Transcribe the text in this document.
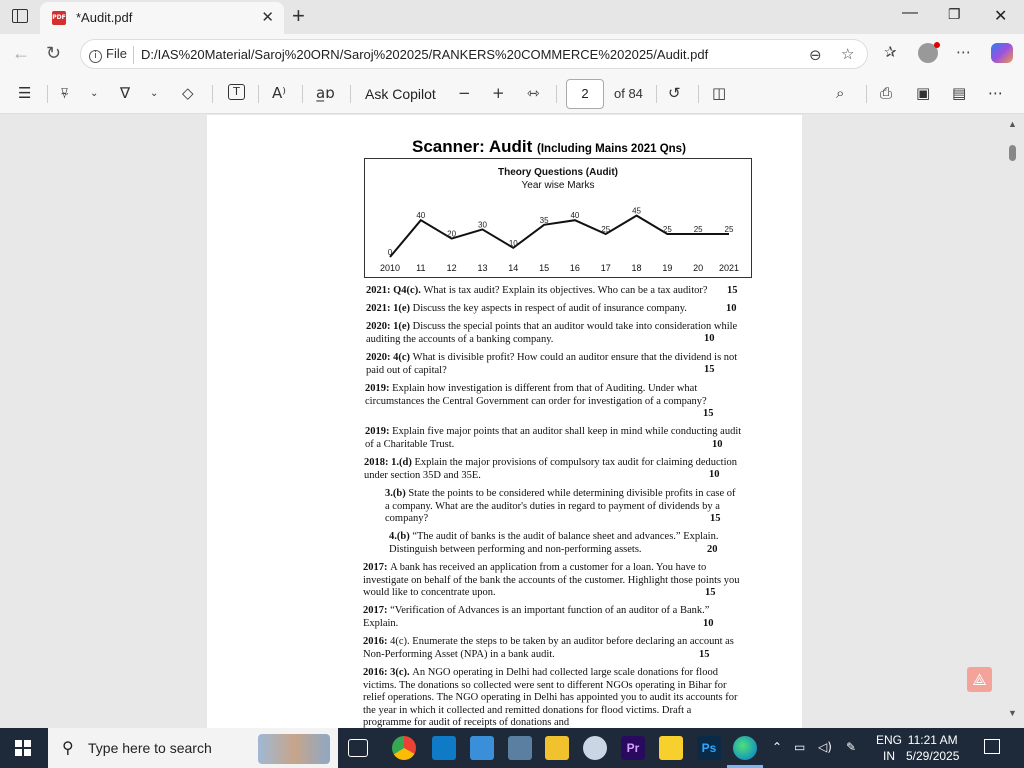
PDF *Audit.pdf	✕ +	— ❐ ✕
← ↻	i File D:/IAS%20Material/Saroj%20ORN/Saroj%202025/RANKERS%20COMMERCE%202025/Audit.pdf	⊖ ☆ ✰	⋯
☰ ⍫ ⌄ ∇ ⌄ ◇	T	A⁾ a̲ɒ Ask Copilot − + ⇿	2	of 84 ↺ ◫	⌕ ⎙ ▣ ▤ ⋯
Scanner: Audit (Including Mains 2021 Qns)
Theory Questions (Audit)
Year wise Marks
0
2010
40
11
20
12
30
13
10
14
35
15
40
16
25
17
45
18
25
19
25
20
25
2021
2021: Q4(c). What is tax audit? Explain its objectives. Who can be a tax auditor?	15
2021: 1(e) Discuss the key aspects in respect of audit of insurance company.	10
2020: 1(e) Discuss the special points that an auditor would take into consideration while auditing the accounts of a banking company.	10
2020: 4(c) What is divisible profit? How could an auditor ensure that the dividend is not paid out of capital?	15
2019: Explain how investigation is different from that of Auditing. Under what circumstances the Central Government can order for investigation of a company?
15
2019: Explain five major points that an auditor shall keep in mind while conducting audit of a Charitable Trust.	10
2018: 1.(d) Explain the major provisions of compulsory tax audit for claiming deduction under section 35D and 35E.	10
3.(b) State the points to be considered while determining divisible profits in case of a company. What are the auditor's duties in regard to payment of dividends by a company?	15
4.(b) “The audit of banks is the audit of balance sheet and advances.” Explain. Distinguish between performing and non-performing assets.	20
2017: A bank has received an application from a customer for a loan. You have to investigate on behalf of the bank the accounts of the customer. Highlight those points you would like to concentrate upon.	15
2017: “Verification of Advances is an important function of an auditor of a Bank.” Explain.	10
2016: 4(c). Enumerate the steps to be taken by an auditor before declaring an account as Non-Performing Asset (NPA) in a bank audit.	15
2016: 3(c). An NGO operating in Delhi had collected large scale donations for flood victims. The donations so collected were sent to different NGOs operating in Bihar for relief operations. The NGO operating in Delhi has appointed you to audit its accounts for the year in which it collected and remitted donations for flood victims. Draft a programme for audit of receipts of donations and
▲
▼
⟁
⚲ Type here to search	Pr	Ps	⌃ ▭ ◁) ✎ ENG
IN
11:21 AM
5/29/2025
